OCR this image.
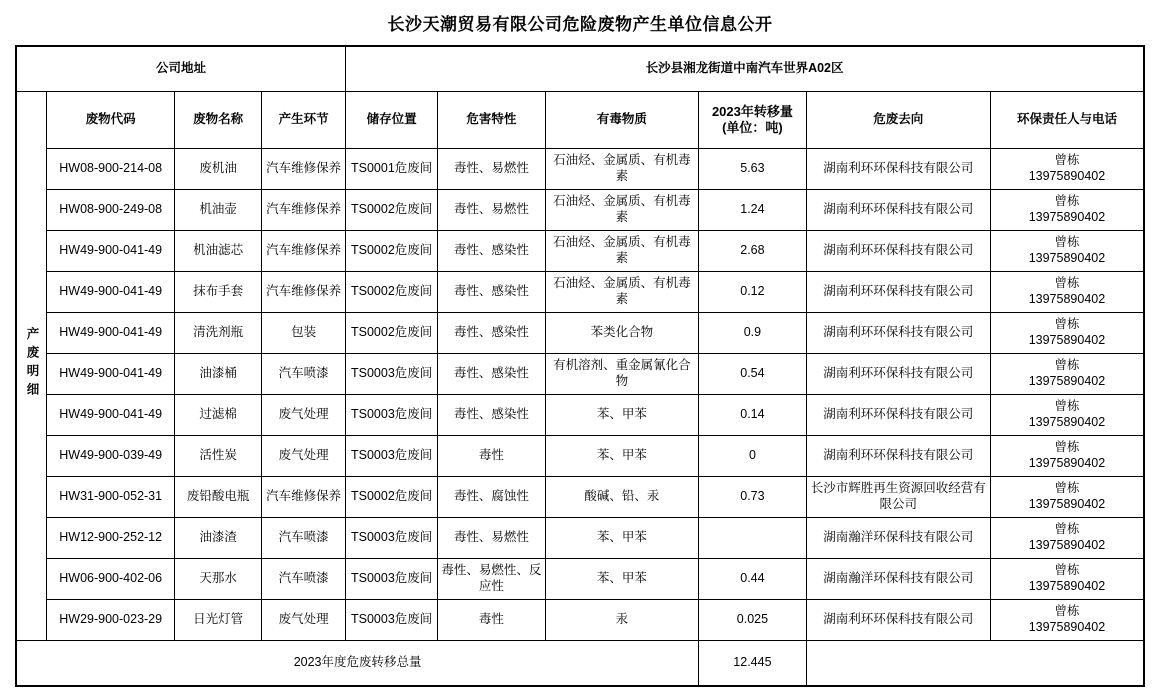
长沙天潮贸易有限公司危险废物产生单位信息公开
公司地址				长沙县湘龙街道中南汽车世界A02区					
产废明细	废物代码	废物名称	产生环节	储存位置	危害特性	有毒物质	2023年转移量
(单位：吨)	危废去向	环保责任人与电话
	HW08-900-214-08	废机油	汽车维修保养	TS0001危废间	毒性、易燃性	石油烃、金属质、有机毒素	5.63	湖南利环环保科技有限公司	曾栋
13975890402

	HW08-900-249-08	机油壶	汽车维修保养	TS0002危废间	毒性、易燃性	石油烃、金属质、有机毒素	1.24	湖南利环环保科技有限公司	曾栋
13975890402

	HW49-900-041-49	机油滤芯	汽车维修保养	TS0002危废间	毒性、感染性	石油烃、金属质、有机毒素	2.68	湖南利环环保科技有限公司	曾栋
13975890402

	HW49-900-041-49	抹布手套	汽车维修保养	TS0002危废间	毒性、感染性	石油烃、金属质、有机毒素	0.12	湖南利环环保科技有限公司	曾栋
13975890402

	HW49-900-041-49	清洗剂瓶	包装	TS0002危废间	毒性、感染性	苯类化合物	0.9	湖南利环环保科技有限公司	曾栋
13975890402

	HW49-900-041-49	油漆桶	汽车喷漆	TS0003危废间	毒性、感染性	有机溶剂、重金属氰化合物	0.54	湖南利环环保科技有限公司	曾栋
13975890402

	HW49-900-041-49	过滤棉	废气处理	TS0003危废间	毒性、感染性	苯、甲苯	0.14	湖南利环环保科技有限公司	曾栋
13975890402

	HW49-900-039-49	活性炭	废气处理	TS0003危废间	毒性	苯、甲苯	0	湖南利环环保科技有限公司	曾栋
13975890402

	HW31-900-052-31	废铅酸电瓶	汽车维修保养	TS0002危废间	毒性、腐蚀性	酸碱、铅、汞	0.73	长沙市辉胜再生资源回收经营有限公司	曾栋
13975890402

	HW12-900-252-12	油漆渣	汽车喷漆	TS0003危废间	毒性、易燃性	苯、甲苯		湖南瀚洋环保科技有限公司	曾栋
13975890402

	HW06-900-402-06	天那水	汽车喷漆	TS0003危废间	毒性、易燃性、反应性	苯、甲苯	0.44	湖南瀚洋环保科技有限公司	曾栋
13975890402

	HW29-900-023-29	日光灯管	废气处理	TS0003危废间	毒性	汞	0.025	湖南利环环保科技有限公司	曾栋
13975890402

2023年度危废转移总量							12.445		
